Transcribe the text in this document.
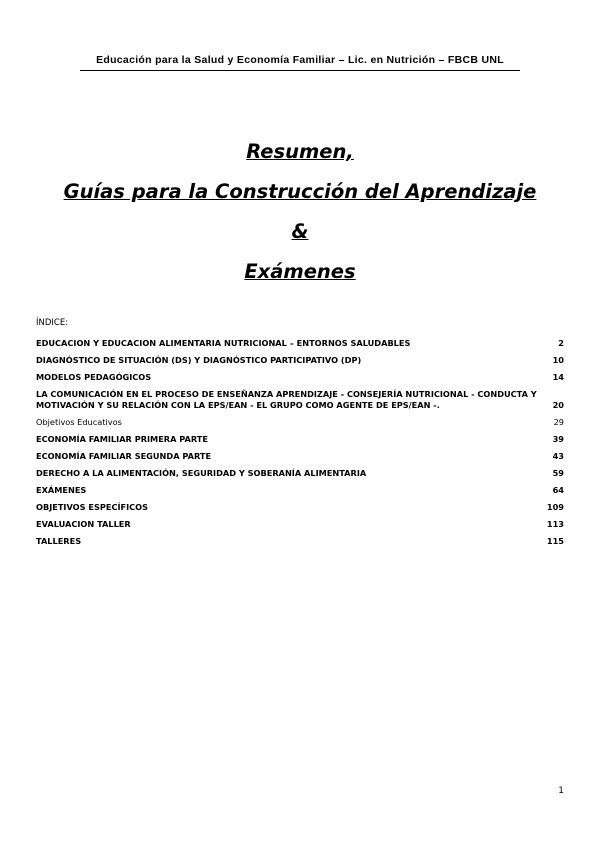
Educación para la Salud y Economía Familiar – Lic. en Nutrición – FBCB UNL
Resumen,
Guías para la Construcción del Aprendizaje
&
Exámenes
ÍNDICE:
EDUCACION Y EDUCACION ALIMENTARIA NUTRICIONAL – ENTORNOS SALUDABLES	2
DIAGNÓSTICO DE SITUACIÓN (DS) Y DIAGNÓSTICO PARTICIPATIVO (DP)	10
MODELOS PEDAGÓGICOS	14
LA COMUNICACIÓN EN EL PROCESO DE ENSEÑANZA APRENDIZAJE - CONSEJERÍA NUTRICIONAL - CONDUCTA Y MOTIVACIÓN Y SU RELACIÓN CON LA EPS/EAN - EL GRUPO COMO AGENTE DE EPS/EAN -.	20
Objetivos Educativos	29
ECONOMÍA FAMILIAR PRIMERA PARTE	39
ECONOMÍA FAMILIAR SEGUNDA PARTE	43
DERECHO A LA ALIMENTACIÓN, SEGURIDAD Y SOBERANÍA ALIMENTARIA	59
EXÁMENES	64
OBJETIVOS ESPECÍFICOS	109
EVALUACION TALLER	113
TALLERES	115
1
